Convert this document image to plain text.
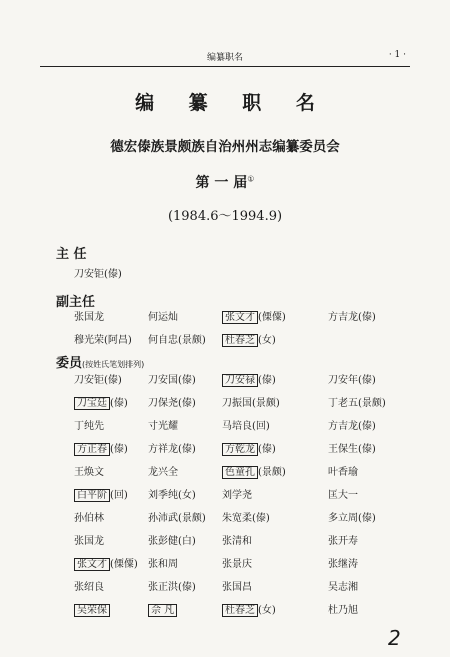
编纂职名	· 1 ·
编 纂 职 名
德宏傣族景颇族自治州州志编纂委员会
第 一 届①
(1984.6～1994.9)
主 任
刀安钜(傣)
副主任
张国龙	何运灿	张文才 (傈僳)	方吉龙(傣)
穆光荣(阿昌) 何自忠(景颇)	杜春芝 (女)
委员(按姓氏笔划排列)
刀安钜(傣)	刀安国(傣)	刀安禄 (傣)	刀安年(傣)
刀宝廷 (傣) 刀保尧(傣)	刀振国(景颇)	丁老五(景颇)
丁纯先	寸光耀	马培良(回)	方吉龙(傣)
方正春 (傣) 方祥龙(傣)	方乾龙 (傣)	王保生(傣)
王焕文	龙兴全	色童孔 (景颇)	叶香瑜
白平阶 (回) 刘季纯(女)	刘学尧	匡大一
孙伯林	孙沛武(景颇) 朱宽柔(傣)	多立周(傣)
张国龙	张彭健(白)	张清和	张开寿
张文才 (傈僳) 张和周	张景庆	张继涛
张绍良	张正洪(傣)	张国昌	吴志湘
吴荣保	佘 凡	杜春芝 (女)	杜乃旭
2
